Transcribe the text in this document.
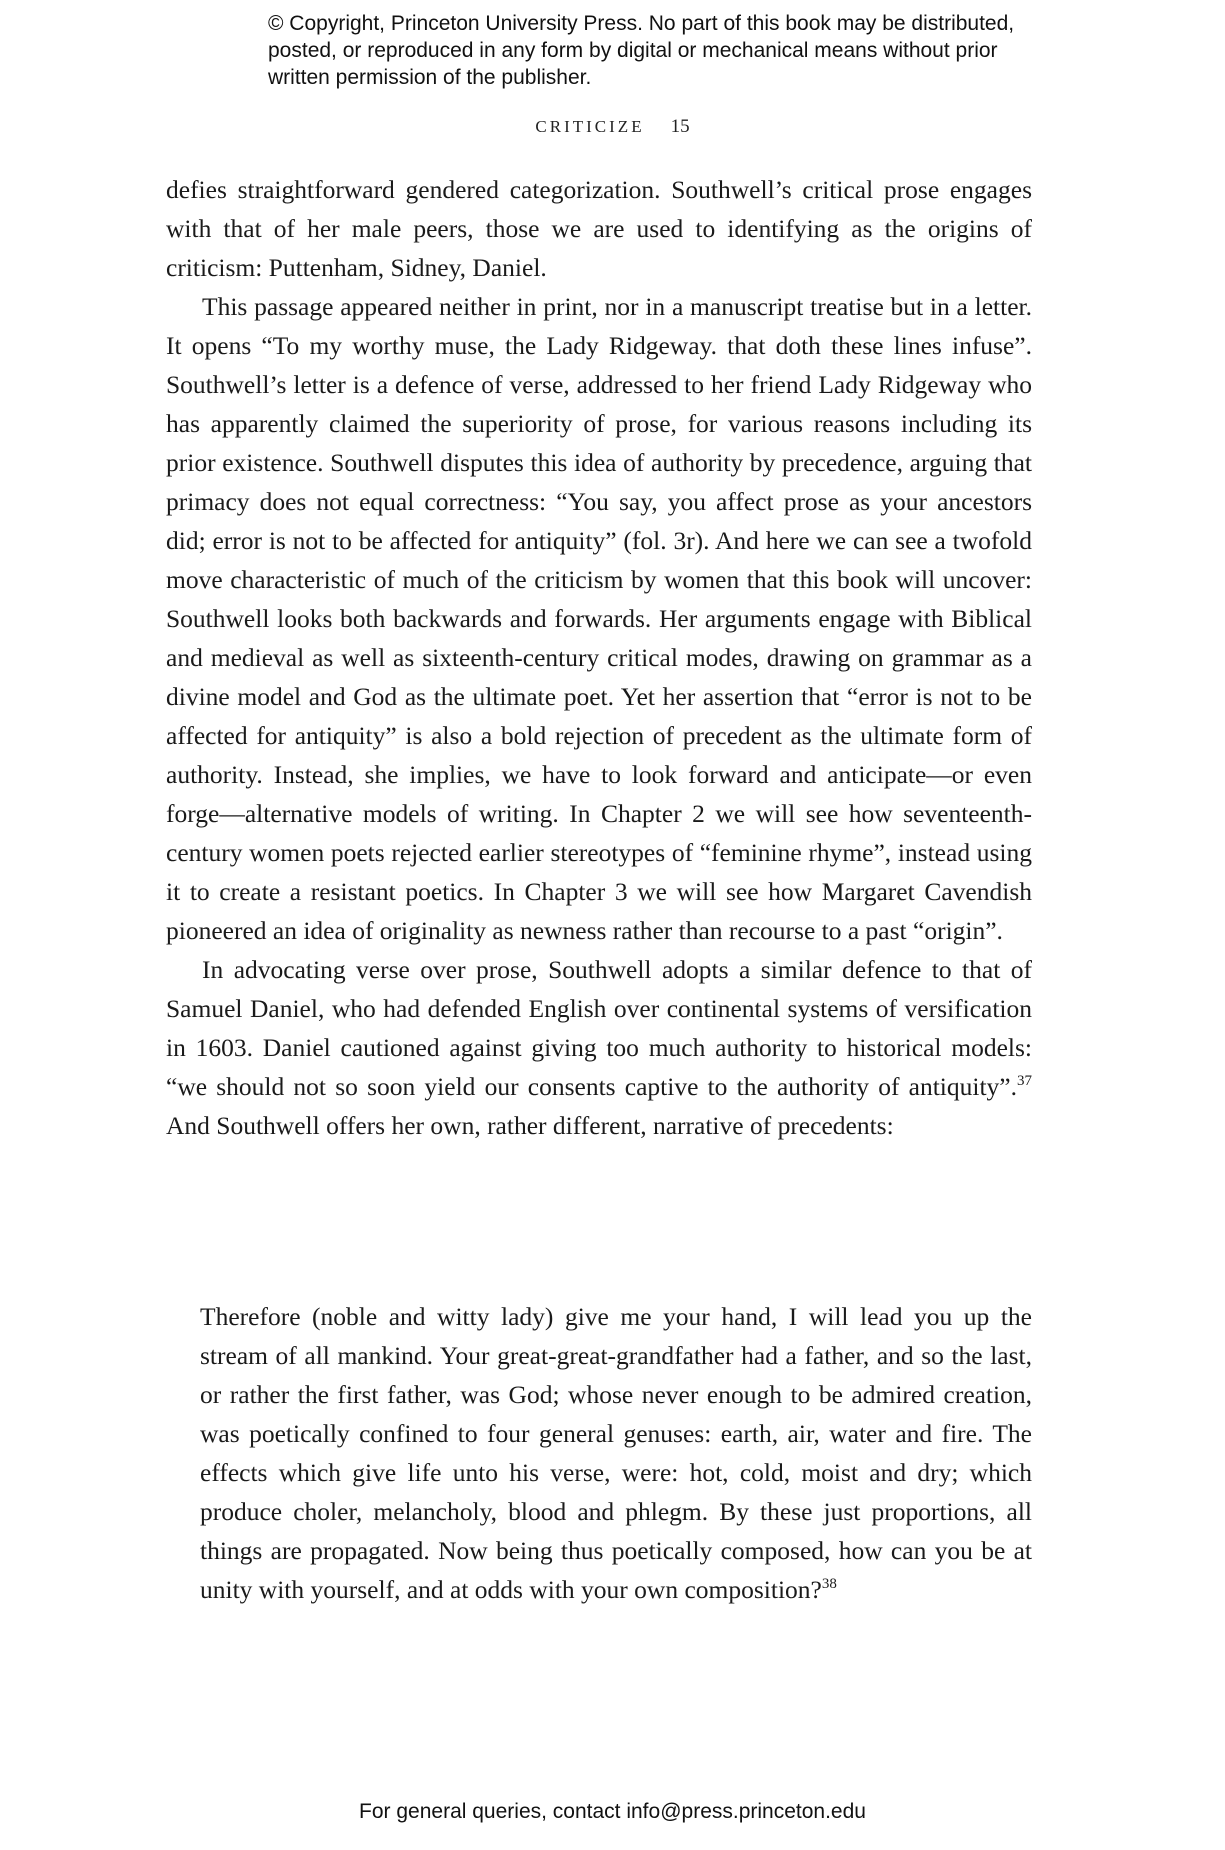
© Copyright, Princeton University Press. No part of this book may be distributed, posted, or reproduced in any form by digital or mechanical means without prior written permission of the publisher.
CRITICIZE 15

defies straightforward gendered categorization. Southwell’s critical prose engages with that of her male peers, those we are used to identifying as the origins of criticism: Puttenham, Sidney, Daniel.

This passage appeared neither in print, nor in a manuscript treatise but in a letter. It opens “To my worthy muse, the Lady Ridgeway. that doth these lines infuse”. Southwell’s letter is a defence of verse, addressed to her friend Lady Ridgeway who has apparently claimed the superiority of prose, for various reasons including its prior existence. Southwell disputes this idea of authority by precedence, arguing that primacy does not equal correctness: “You say, you affect prose as your ancestors did; error is not to be affected for antiquity” (fol. 3r). And here we can see a twofold move characteristic of much of the criticism by women that this book will uncover: Southwell looks both backwards and forwards. Her arguments engage with Biblical and medieval as well as sixteenth-century critical modes, drawing on grammar as a divine model and God as the ultimate poet. Yet her assertion that “error is not to be affected for antiquity” is also a bold rejection of precedent as the ultimate form of authority. Instead, she implies, we have to look forward and anticipate—or even forge—alternative models of writing. In Chapter 2 we will see how seventeenth-century women poets rejected earlier stereotypes of “feminine rhyme”, instead using it to create a resistant poetics. In Chapter 3 we will see how Margaret Cavendish pioneered an idea of originality as newness rather than recourse to a past “origin”.

In advocating verse over prose, Southwell adopts a similar defence to that of Samuel Daniel, who had defended English over continental systems of versification in 1603. Daniel cautioned against giving too much authority to historical models: “we should not so soon yield our consents captive to the authority of antiquity”.$^{37}$ And Southwell offers her own, rather different, narrative of precedents:

Therefore (noble and witty lady) give me your hand, I will lead you up the stream of all mankind. Your great-great-grandfather had a father, and so the last, or rather the first father, was God; whose never enough to be admired creation, was poetically confined to four general genuses: earth, air, water and fire. The effects which give life unto his verse, were: hot, cold, moist and dry; which produce choler, melancholy, blood and phlegm. By these just proportions, all things are propagated. Now being thus poetically composed, how can you be at unity with yourself, and at odds with your own composition?$^{38}$

For general queries, contact info@press.princeton.edu
